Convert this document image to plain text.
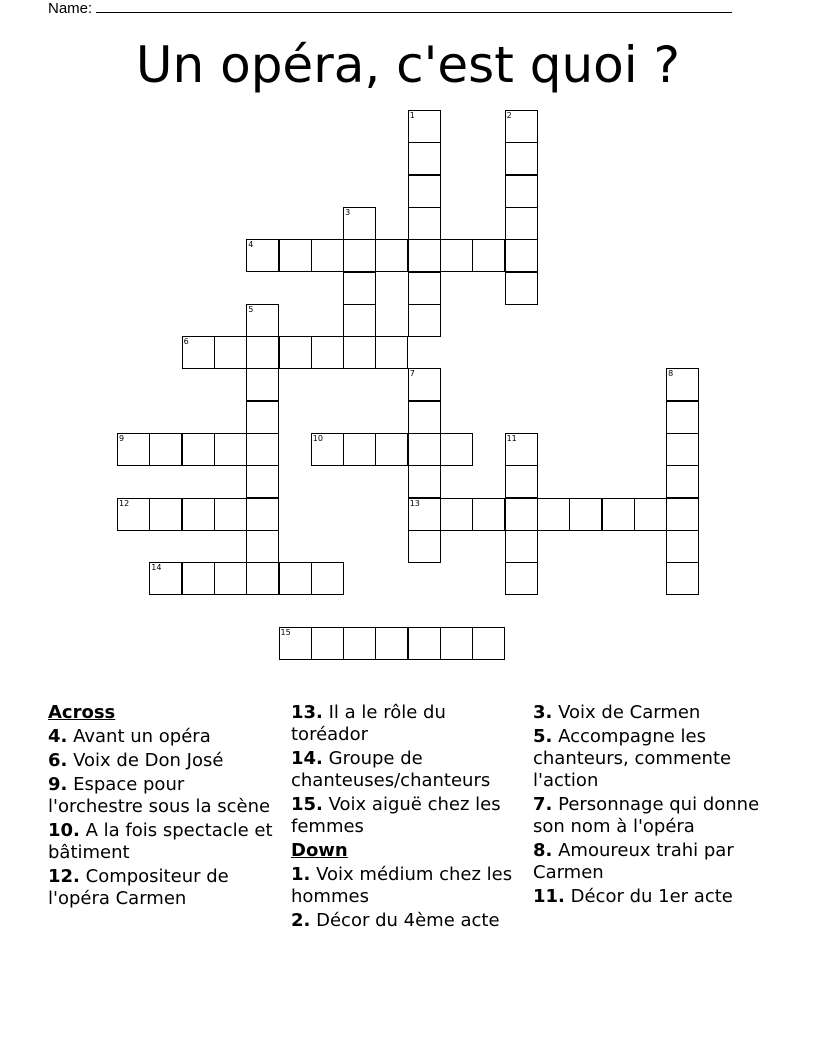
Name:
Un opéra, c'est quoi ?
1	2
3
4
5
6
7
13
8
9	10	11
12
14
15
Across
4. Avant un opéra
6. Voix de Don José
9. Espace pour l'orchestre sous la scène
10. A la fois spectacle et bâtiment
12. Compositeur de l'opéra Carmen
13. Il a le rôle du toréador
14. Groupe de chanteuses/chanteurs
15. Voix aiguë chez les femmes
Down
1. Voix médium chez les hommes
2. Décor du 4ème acte
3. Voix de Carmen
5. Accompagne les chanteurs, commente l'action
7. Personnage qui donne son nom à l'opéra
8. Amoureux trahi par Carmen
11. Décor du 1er acte
